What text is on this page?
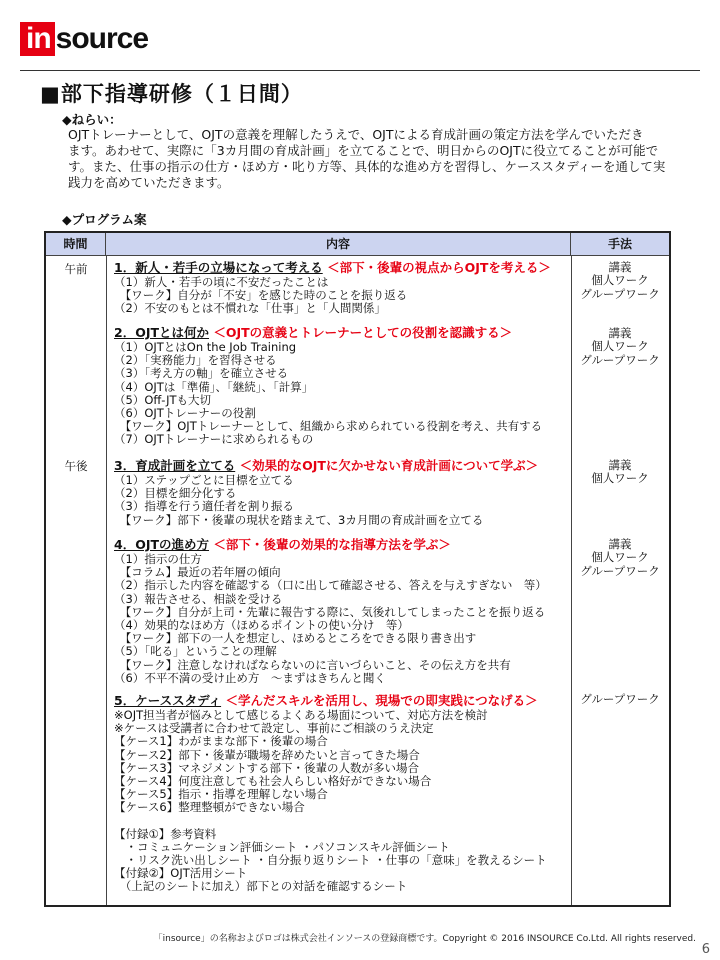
in source
■部下指導研修（１日間）
◆ねらい：
OJTトレーナーとして、OJTの意義を理解したうえで、OJTによる育成計画の策定方法を学んでいただき
ます。あわせて、実際に「3カ月間の育成計画」を立てることで、明日からのOJTに役立てることが可能で
す。また、仕事の指示の仕方・ほめ方・叱り方等、具体的な進め方を習得し、ケーススタディーを通して実
践力を高めていただきます。
◆プログラム案
時間	内容	手法
午前
午後
1．新人・若手の立場になって考える ＜部下・後輩の視点からOJTを考える＞
（1）新人・若手の頃に不安だったことは
　【ワーク】自分が「不安」を感じた時のことを振り返る
（2）不安のもとは不慣れな「仕事」と「人間関係」
講義
個人ワーク
グループワーク
2．OJTとは何か ＜OJTの意義とトレーナーとしての役割を認識する＞
（1）OJTとはOn the Job Training
（2）「実務能力」を習得させる
（3）「考え方の軸」を確立させる
（4）OJTは「準備」、「継続」、「計算」
（5）Off-JTも大切
（6）OJTトレーナーの役割
　【ワーク】OJTトレーナーとして、組織から求められている役割を考え、共有する
（7）OJTトレーナーに求められるもの
講義
個人ワーク
グループワーク
3．育成計画を立てる ＜効果的なOJTに欠かせない育成計画について学ぶ＞
（1）ステップごとに目標を立てる
（2）目標を細分化する
（3）指導を行う適任者を割り振る
　【ワーク】部下・後輩の現状を踏まえて、3カ月間の育成計画を立てる
講義
個人ワーク
4．OJTの進め方 ＜部下・後輩の効果的な指導方法を学ぶ＞
（1）指示の仕方
　【コラム】最近の若年層の傾向
（2）指示した内容を確認する（口に出して確認させる、答えを与えすぎない　等）
（3）報告させる、相談を受ける
　【ワーク】自分が上司・先輩に報告する際に、気後れしてしまったことを振り返る
（4）効果的なほめ方（ほめるポイントの使い分け　等）
　【ワーク】部下の一人を想定し、ほめるところをできる限り書き出す
（5）「叱る」ということの理解
　【ワーク】注意しなければならないのに言いづらいこと、その伝え方を共有
（6）不平不満の受け止め方　～まずはきちんと聞く
講義
個人ワーク
グループワーク
5．ケーススタディ ＜学んだスキルを活用し、現場での即実践につなげる＞
※OJT担当者が悩みとして感じるよくある場面について、対応方法を検討
※ケースは受講者に合わせて設定し、事前にご相談のうえ決定
【ケース1】わがままな部下・後輩の場合
【ケース2】部下・後輩が職場を辞めたいと言ってきた場合
【ケース3】マネジメントする部下・後輩の人数が多い場合
【ケース4】何度注意しても社会人らしい格好ができない場合
【ケース5】指示・指導を理解しない場合
【ケース6】整理整頓ができない場合
【付録①】参考資料
　・コミュニケーション評価シート ・パソコンスキル評価シート
　・リスク洗い出しシート ・自分振り返りシート ・仕事の「意味」を教えるシート
【付録②】OJT活用シート
　（上記のシートに加え）部下との対話を確認するシート
グループワーク
「insource」の名称およびロゴは株式会社インソースの登録商標です。Copyright © 2016 INSOURCE Co.Ltd. All rights reserved.
6
